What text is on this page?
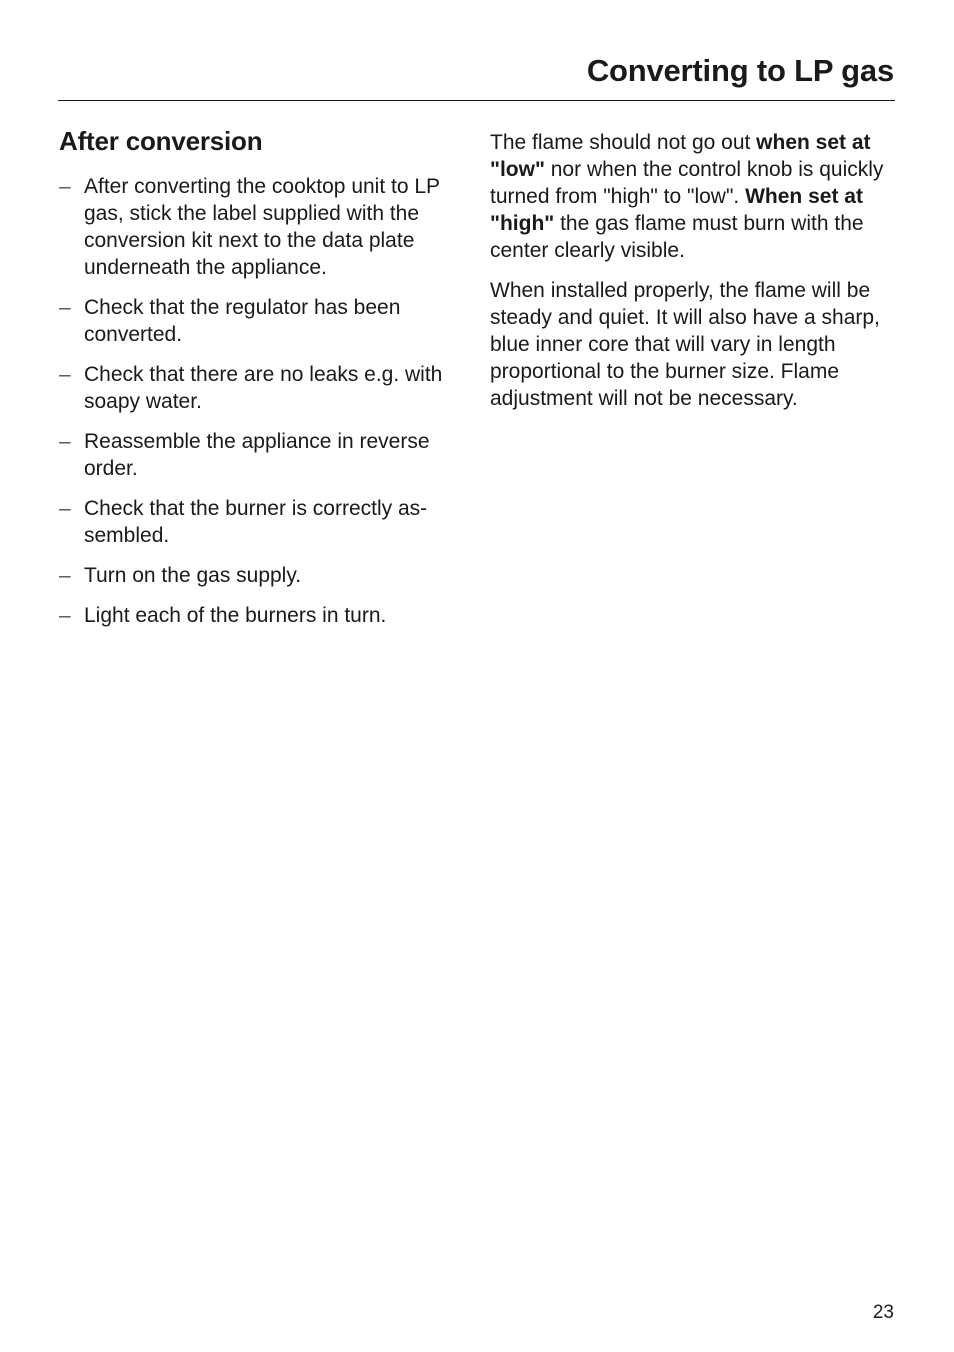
Converting to LP gas
After conversion
– After converting the cooktop unit to LP gas, stick the label supplied with the conversion kit next to the data plate underneath the appliance.
– Check that the regulator has been converted.
– Check that there are no leaks e.g. with soapy water.
– Reassemble the appliance in reverse order.
– Check that the burner is correctly as-sembled.
– Turn on the gas supply.
– Light each of the burners in turn.

The flame should not go out when set at "low" nor when the control knob is quickly turned from "high" to "low". When set at "high" the gas flame must burn with the center clearly visible.

When installed properly, the flame will be steady and quiet. It will also have a sharp, blue inner core that will vary in length proportional to the burner size. Flame adjustment will not be necessary.

23
